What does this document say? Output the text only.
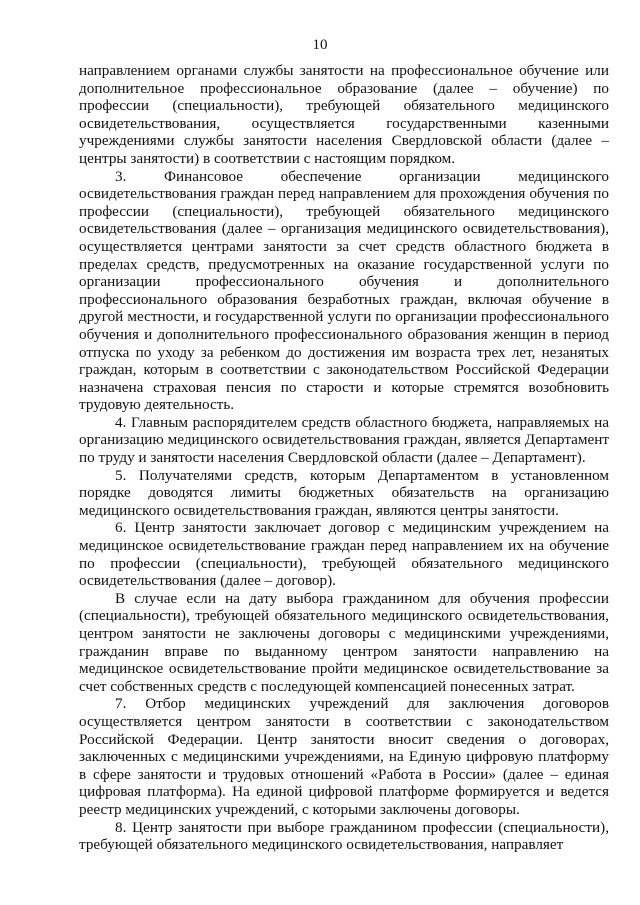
10

направлением органами службы занятости на профессиональное обучение или дополнительное профессиональное образование (далее – обучение) по профессии (специальности), требующей обязательного медицинского освидетельствования, осуществляется государственными казенными учреждениями службы занятости населения Свердловской области (далее – центры занятости) в соответствии с настоящим порядком.

3. Финансовое обеспечение организации медицинского освидетельствования граждан перед направлением для прохождения обучения по профессии (специальности), требующей обязательного медицинского освидетельствования (далее – организация медицинского освидетельствования), осуществляется центрами занятости за счет средств областного бюджета в пределах средств, предусмотренных на оказание государственной услуги по организации профессионального обучения и дополнительного профессионального образования безработных граждан, включая обучение в другой местности, и государственной услуги по организации профессионального обучения и дополнительного профессионального образования женщин в период отпуска по уходу за ребенком до достижения им возраста трех лет, незанятых граждан, которым в соответствии с законодательством Российской Федерации назначена страховая пенсия по старости и которые стремятся возобновить трудовую деятельность.

4. Главным распорядителем средств областного бюджета, направляемых на организацию медицинского освидетельствования граждан, является Департамент по труду и занятости населения Свердловской области (далее – Департамент).

5. Получателями средств, которым Департаментом в установленном порядке доводятся лимиты бюджетных обязательств на организацию медицинского освидетельствования граждан, являются центры занятости.

6. Центр занятости заключает договор с медицинским учреждением на медицинское освидетельствование граждан перед направлением их на обучение по профессии (специальности), требующей обязательного медицинского освидетельствования (далее – договор).

В случае если на дату выбора гражданином для обучения профессии (специальности), требующей обязательного медицинского освидетельствования, центром занятости не заключены договоры с медицинскими учреждениями, гражданин вправе по выданному центром занятости направлению на медицинское освидетельствование пройти медицинское освидетельствование за счет собственных средств с последующей компенсацией понесенных затрат.

7. Отбор медицинских учреждений для заключения договоров осуществляется центром занятости в соответствии с законодательством Российской Федерации. Центр занятости вносит сведения о договорах, заключенных с медицинскими учреждениями, на Единую цифровую платформу в сфере занятости и трудовых отношений «Работа в России» (далее – единая цифровая платформа). На единой цифровой платформе формируется и ведется реестр медицинских учреждений, с которыми заключены договоры.

8. Центр занятости при выборе гражданином профессии (специальности), требующей обязательного медицинского освидетельствования, направляет
